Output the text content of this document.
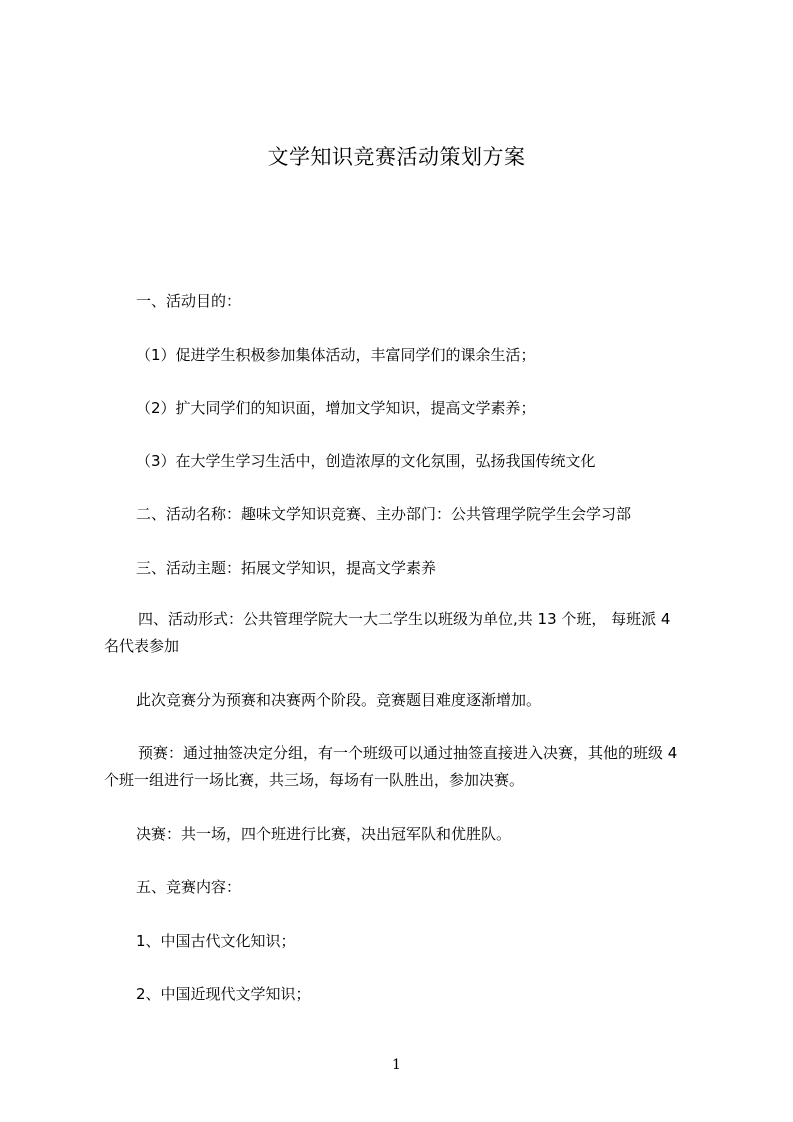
文学知识竞赛活动策划方案
一、活动目的：
（1）促进学生积极参加集体活动，丰富同学们的课余生活；
（2）扩大同学们的知识面，增加文学知识，提高文学素养；
（3）在大学生学习生活中，创造浓厚的文化氛围，弘扬我国传统文化
二、活动名称：趣味文学知识竞赛、主办部门：公共管理学院学生会学习部
三、活动主题：拓展文学知识，提高文学素养
四、活动形式：公共管理学院大一大二学生以班级为单位,共 13 个班， 每班派 4 名代表参加
此次竞赛分为预赛和决赛两个阶段。竞赛题目难度逐渐增加。
预赛：通过抽签决定分组，有一个班级可以通过抽签直接进入决赛，其他的班级 4 个班一组进行一场比赛，共三场，每场有一队胜出，参加决赛。
决赛：共一场，四个班进行比赛，决出冠军队和优胜队。
五、竞赛内容：
1、中国古代文化知识；
2、中国近现代文学知识；
1
